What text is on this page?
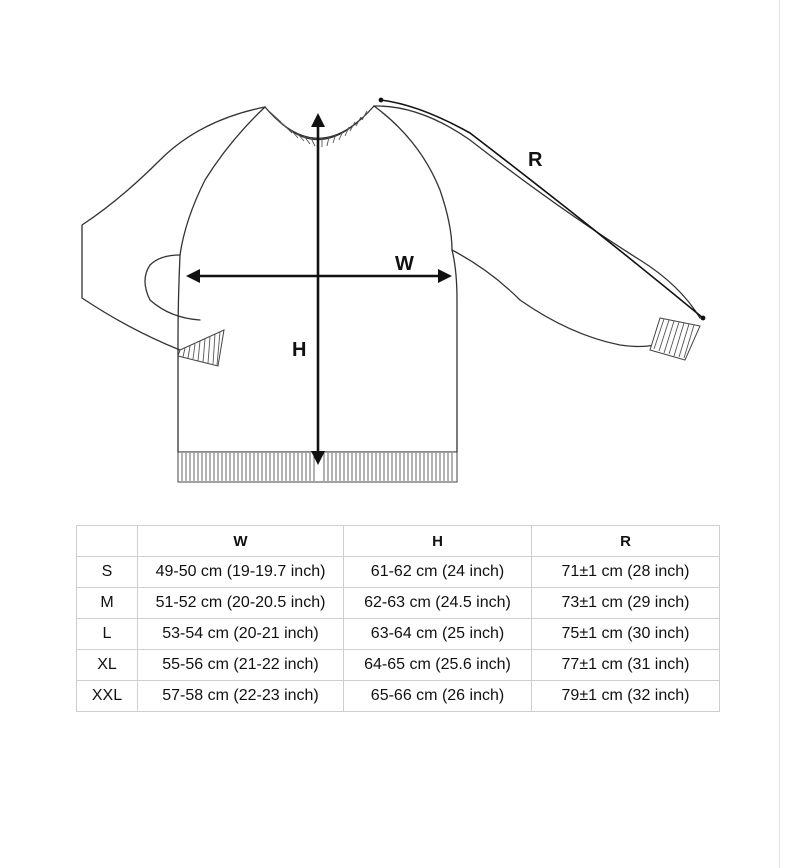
R
W
H
	W	H	R
S	49-50 cm (19-19.7 inch)	61-62 cm (24 inch)	71±1 cm (28 inch)
M	51-52 cm (20-20.5 inch)	62-63 cm (24.5 inch)	73±1 cm (29 inch)
L	53-54 cm (20-21 inch)	63-64 cm (25 inch)	75±1 cm (30 inch)
XL	55-56 cm (21-22 inch)	64-65 cm (25.6 inch)	77±1 cm (31 inch)
XXL	57-58 cm (22-23 inch)	65-66 cm (26 inch)	79±1 cm (32 inch)
